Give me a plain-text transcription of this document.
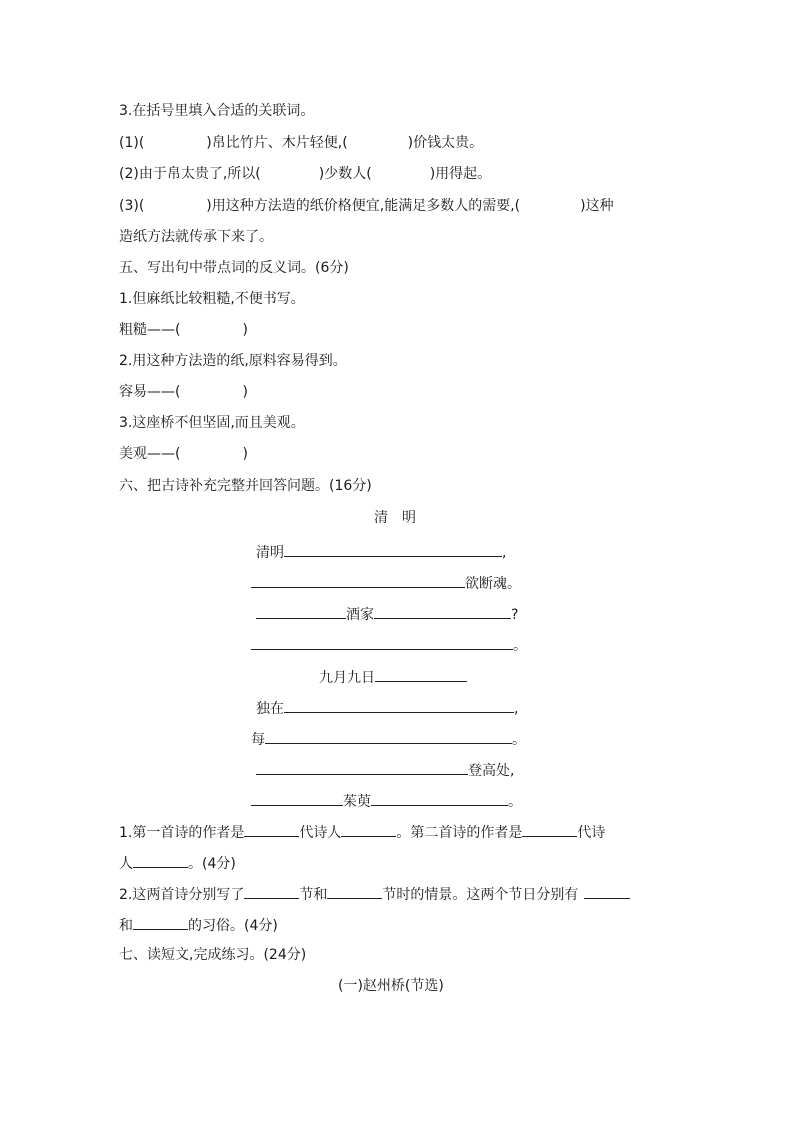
3.在括号里填入合适的关联词。
(1)(	)帛比竹片、木片轻便,(	)价钱太贵。
(2)由于帛太贵了,所以(	)少数人(	)用得起。
(3)(	)用这种方法造的纸价格便宜,能满足多数人的需要,(	)这种
造纸方法就传承下来了。
五、写出句中带点词的反义词。(6分)
1.但麻纸比较粗糙,不便书写。
粗糙——(	)
2.用这种方法造的纸,原料容易得到。
容易——(	)
3.这座桥不但坚固,而且美观。
美观——(	)
六、把古诗补充完整并回答问题。(16分)
清　明
清明	,
欲断魂。
酒家	?
。
九月九日
独在	,
每	。
登高处,
茱萸	。
1.第一首诗的作者是	代诗人	。第二首诗的作者是	代诗
人	。(4分)
2.这两首诗分别写了	节和	节时的情景。这两个节日分别有
和	的习俗。(4分)
七、读短文,完成练习。(24分)
(一)赵州桥(节选)
